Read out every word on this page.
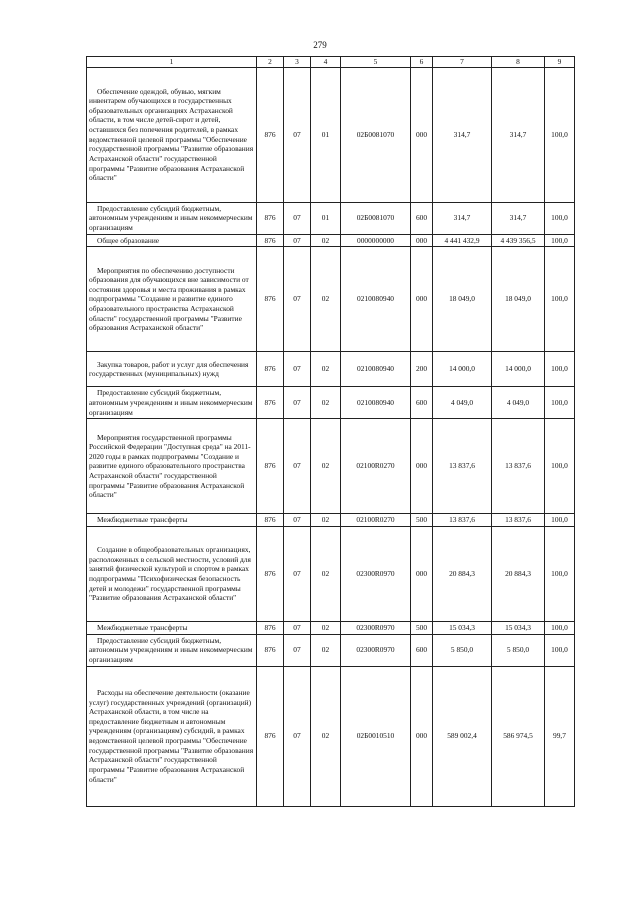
279
1	2	3	4	5	6	7	8	9

Обеспечение одеждой, обувью, мягким инвентарем обучающихся в государственных образовательных организациях Астраханской области, в том числе детей-сирот и детей, оставшихся без попечения родителей, в рамках ведомственной целевой программы "Обеспечение государственной программы "Развитие образования Астраханской области" государственной программы "Развитие образования Астраханской области"	876	07	01	02Б0081070	000	314,7	314,7	100,0

Предоставление субсидий бюджетным, автономным учреждениям и иным некоммерческим организациям	876	07	01	02Б0081070	600	314,7	314,7	100,0

Общее образование	876	07	02	0000000000	000	4 441 432,9	4 439 356,5	100,0

Мероприятия по обеспечению доступности образования для обучающихся вне зависимости от состояния здоровья и места проживания в рамках подпрограммы "Создание и развитие единого образовательного пространства Астраханской области" государственной программы "Развитие образования Астраханской области"	876	07	02	0210080940	000	18 049,0	18 049,0	100,0

Закупка товаров, работ и услуг для обеспечения государственных (муниципальных) нужд	876	07	02	0210080940	200	14 000,0	14 000,0	100,0

Предоставление субсидий бюджетным, автономным учреждениям и иным некоммерческим организациям	876	07	02	0210080940	600	4 049,0	4 049,0	100,0

Мероприятия государственной программы Российской Федерации "Доступная среда" на 2011-2020 годы в рамках подпрограммы "Создание и развитие единого образовательного пространства Астраханской области" государственной программы "Развитие образования Астраханской области"	876	07	02	02100R0270	000	13 837,6	13 837,6	100,0

Межбюджетные трансферты	876	07	02	02100R0270	500	13 837,6	13 837,6	100,0

Создание в общеобразовательных организациях, расположенных в сельской местности, условий для занятий физической культурой и спортом в рамках подпрограммы "Психофизическая безопасность детей и молодежи" государственной программы "Развитие образования Астраханской области"	876	07	02	02300R0970	000	20 884,3	20 884,3	100,0

Межбюджетные трансферты	876	07	02	02300R0970	500	15 034,3	15 034,3	100,0

Предоставление субсидий бюджетным, автономным учреждениям и иным некоммерческим организациям	876	07	02	02300R0970	600	5 850,0	5 850,0	100,0

Расходы на обеспечение деятельности (оказание услуг) государственных учреждений (организаций) Астраханской области, в том числе на предоставление бюджетным и автономным учреждениям (организациям) субсидий, в рамках ведомственной целевой программы "Обеспечение государственной программы "Развитие образования Астраханской области" государственной программы "Развитие образования Астраханской области"	876	07	02	02Б0010510	000	589 002,4	586 974,5	99,7
